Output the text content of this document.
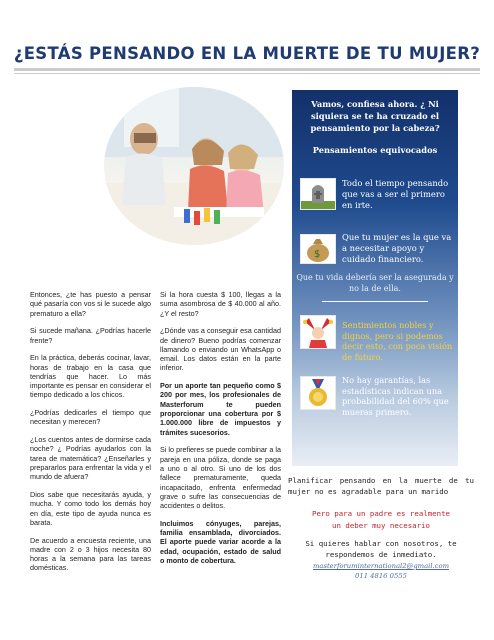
¿ESTÁS PENSANDO EN LA MUERTE DE TU MUJER?

Entonces, ¿te has puesto a pensar qué pasaría con vos si le sucede algo prematuro a ella?

Si sucede mañana. ¿Podrías hacerle frente?

En la práctica, deberás cocinar, lavar, horas de trabajo en la casa que tendrías que hacer. Lo más importante es pensar en considerar el tiempo dedicado a los chicos.

¿Podrías dedicarles el tiempo que necesitan y merecen?

¿Los cuentos antes de dormirse cada noche? ¿ Podrías ayudarlos con la tarea de matemática? ¿Enseñarles y prepararlos para enfrentar la vida y el mundo de afuera?

Dios sabe que necesitarás ayuda, y mucha. Y como todo los demás hoy en día, este tipo de ayuda nunca es barata.

De acuerdo a encuesta reciente, una madre con 2 o 3 hijos necesita 80 horas a la semana para las tareas domésticas.

Si la hora cuesta $ 100, llegas a la suma asombrosa de $ 40.000 al año. ¿Y el resto?

¿Dónde vas a conseguir esa cantidad de dinero? Bueno podrías comenzar llamando o enviando un WhatsApp o email. Los datos están en la parte inferior.

Por un aporte tan pequeño como $ 200 por mes, los profesionales de Masterforum te pueden proporcionar una cobertura por $ 1.000.000 libre de impuestos y trámites sucesorios.

Si lo prefieres se puede combinar a la pareja en una póliza, donde se paga a uno o al otro. Si uno de los dos fallece prematuramente, queda incapacitado, enfrenta enfermedad grave o sufre las consecuencias de accidentes o delitos.

Incluimos cónyuges, parejas, familia ensamblada, divorciados. El aporte puede variar acorde a la edad, ocupación, estado de salud o monto de cobertura.

Vamos, confiesa ahora. ¿ Ni siquiera se te ha cruzado el pensamiento por la cabeza?
Pensamientos equivocados
Todo el tiempo pensando que vas a ser el primero en irte.
$
Que tu mujer es la que va a necesitar apoyo y cuidado financiero.
Que tu vida debería ser la asegurada y no la de ella.
Sentimientos nobles y dignos, pero si podemos decir esto, con poca visión de futuro.
No hay garantías, las estadísticas indican una probabilidad del 60% que mueras primero.
Planificar pensando en la muerte de tu mujer no es agradable para un marido
Pero para un padre es realmente
un deber muy necesario
Si quieres hablar con nosotros, te respondemos de inmediato.
masterforuminternational2@gmail.com
011 4816 0555
